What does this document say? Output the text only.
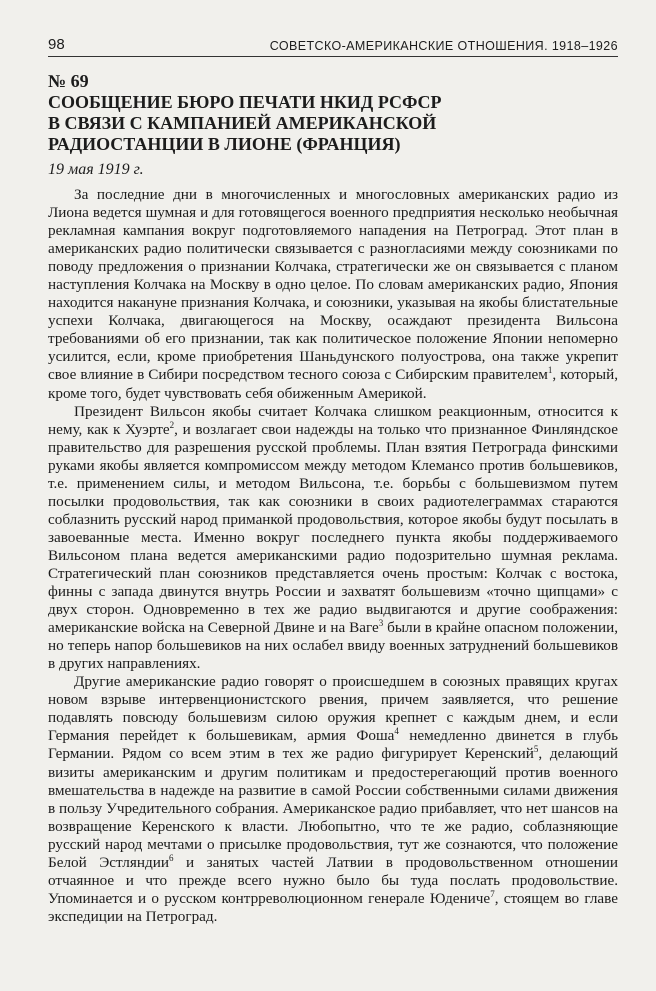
98	СОВЕТСКО-АМЕРИКАНСКИЕ ОТНОШЕНИЯ. 1918–1926
№ 69
СООБЩЕНИЕ БЮРО ПЕЧАТИ НКИД РСФСР
В СВЯЗИ С КАМПАНИЕЙ АМЕРИКАНСКОЙ
РАДИОСТАНЦИИ В ЛИОНЕ (ФРАНЦИЯ)
19 мая 1919 г.

За последние дни в многочисленных и многословных американских радио из Лиона ведется шумная и для готовящегося военного предприятия несколько необычная рекламная кампания вокруг подготовляемого нападения на Петроград. Этот план в американских радио политически связывается с разногласиями между союзниками по поводу предложения о признании Колчака, стратегически же он связывается с планом наступления Колчака на Москву в одно целое. По словам американских радио, Япония находится накануне признания Колчака, и союзники, указывая на якобы блистательные успехи Колчака, двигающегося на Москву, осаждают президента Вильсона требованиями об его признании, так как политическое положение Японии непомерно усилится, если, кроме приобретения Шаньдунского полуострова, она также укрепит свое влияние в Сибири посредством тесного союза с Сибирским правителем$^1$, который, кроме того, будет чувствовать себя обиженным Америкой.

Президент Вильсон якобы считает Колчака слишком реакционным, относится к нему, как к Хуэрте$^2$, и возлагает свои надежды на только что признанное Финляндское правительство для разрешения русской проблемы. План взятия Петрограда финскими руками якобы является компромиссом между методом Клемансо против большевиков, т.е. применением силы, и методом Вильсона, т.е. борьбы с большевизмом путем посылки продовольствия, так как союзники в своих радиотелеграммах стараются соблазнить русский народ приманкой продовольствия, которое якобы будут посылать в завоеванные места. Именно вокруг последнего пункта якобы поддерживаемого Вильсоном плана ведется американскими радио подозрительно шумная реклама. Стратегический план союзников представляется очень простым: Колчак с востока, финны с запада двинутся внутрь России и захватят большевизм «точно щипцами» с двух сторон. Одновременно в тех же радио выдвигаются и другие соображения: американские войска на Северной Двине и на Ваге$^3$ были в крайне опасном положении, но теперь напор большевиков на них ослабел ввиду военных затруднений большевиков в других направлениях.

Другие американские радио говорят о происшедшем в союзных правящих кругах новом взрыве интервенционистского рвения, причем заявляется, что решение подавлять повсюду большевизм силою оружия крепнет с каждым днем, и если Германия перейдет к большевикам, армия Фоша$^4$ немедленно двинется в глубь Германии. Рядом со всем этим в тех же радио фигурирует Керенский$^5$, делающий визиты американским и другим политикам и предостерегающий против военного вмешательства в надежде на развитие в самой России собственными силами движения в пользу Учредительного собрания. Американское радио прибавляет, что нет шансов на возвращение Керенского к власти. Любопытно, что те же радио, соблазняющие русский народ мечтами о присылке продовольствия, тут же сознаются, что положение Белой Эстляндии$^6$ и занятых частей Латвии в продовольственном отношении отчаянное и что прежде всего нужно было бы туда послать продовольствие. Упоминается и о русском контрреволюционном генерале Юдениче$^7$, стоящем во главе экспедиции на Петроград.
